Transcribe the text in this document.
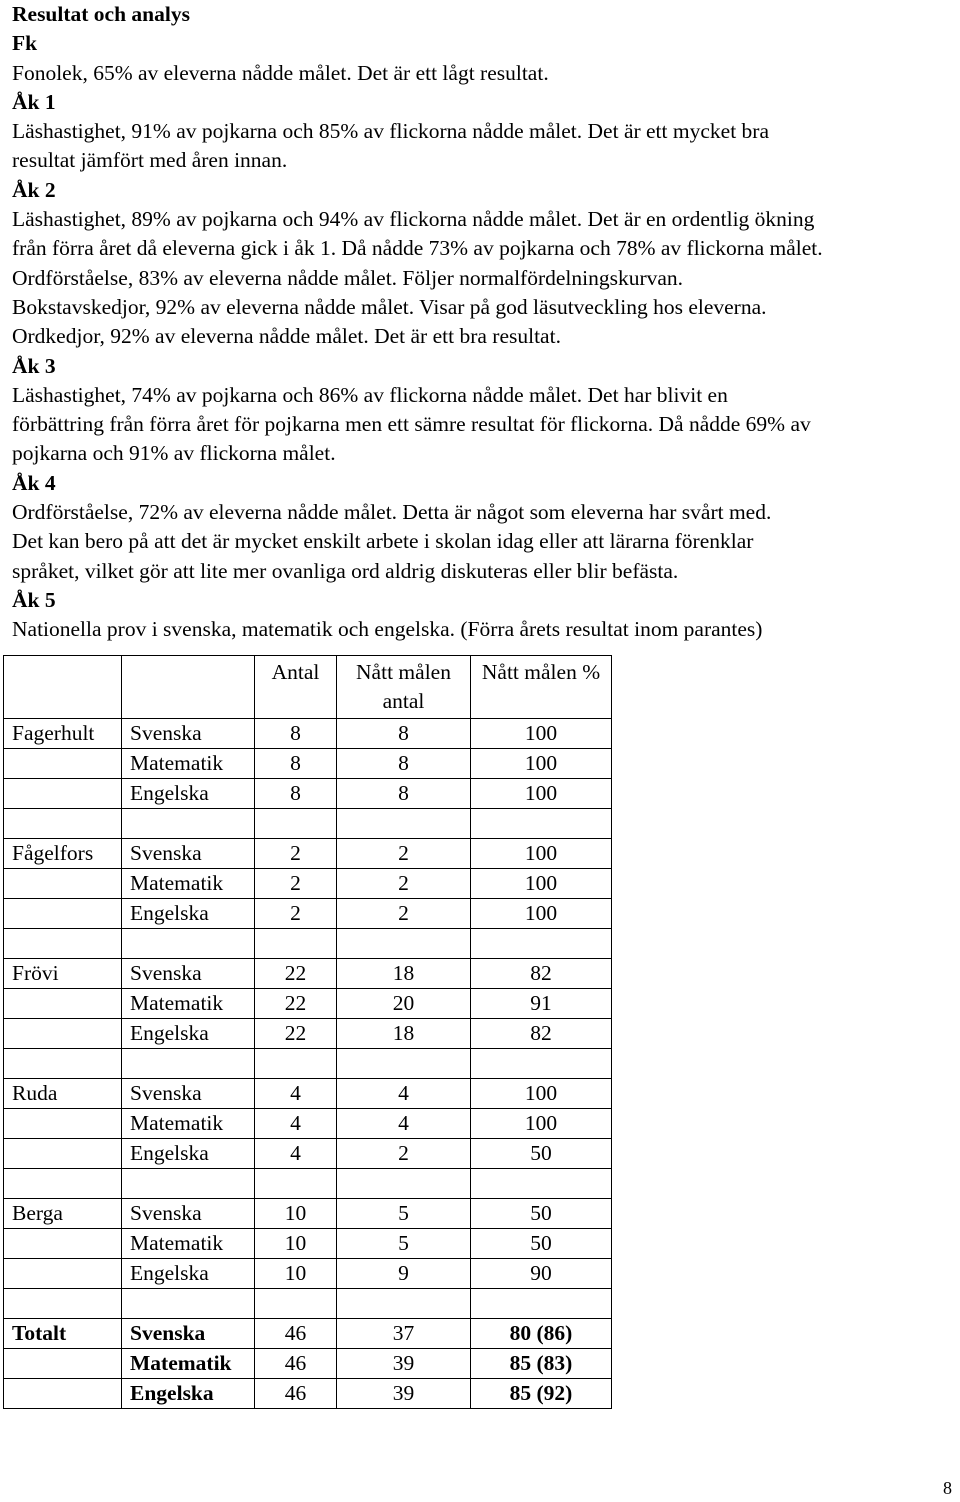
Resultat och analys
Fk
Fonolek, 65% av eleverna nådde målet. Det är ett lågt resultat.
Åk 1
Läshastighet, 91% av pojkarna och 85% av flickorna nådde målet. Det är ett mycket bra
resultat jämfört med åren innan.
Åk 2
Läshastighet, 89% av pojkarna och 94% av flickorna nådde målet. Det är en ordentlig ökning
från förra året då eleverna gick i åk 1. Då nådde 73% av pojkarna och 78% av flickorna målet.
Ordförståelse, 83% av eleverna nådde målet. Följer normalfördelningskurvan.
Bokstavskedjor, 92% av eleverna nådde målet. Visar på god läsutveckling hos eleverna.
Ordkedjor, 92% av eleverna nådde målet. Det är ett bra resultat.
Åk 3
Läshastighet, 74% av pojkarna och 86% av flickorna nådde målet. Det har blivit en
förbättring från förra året för pojkarna men ett sämre resultat för flickorna. Då nådde 69% av
pojkarna och 91% av flickorna målet.
Åk 4
Ordförståelse, 72% av eleverna nådde målet. Detta är något som eleverna har svårt med.
Det kan bero på att det är mycket enskilt arbete i skolan idag eller att lärarna förenklar
språket, vilket gör att lite mer ovanliga ord aldrig diskuteras eller blir befästa.
Åk 5
Nationella prov i svenska, matematik och engelska. (Förra årets resultat inom parantes)
		Antal	Nått målen antal	Nått målen %
Fagerhult	Svenska	8	8	100
	Matematik	8	8	100
	Engelska	8	8	100

Fågelfors	Svenska	2	2	100
	Matematik	2	2	100
	Engelska	2	2	100

Frövi	Svenska	22	18	82
	Matematik	22	20	91
	Engelska	22	18	82

Ruda	Svenska	4	4	100
	Matematik	4	4	100
	Engelska	4	2	50

Berga	Svenska	10	5	50
	Matematik	10	5	50
	Engelska	10	9	90

Totalt	Svenska	46	37	80 (86)
	Matematik	46	39	85 (83)
	Engelska	46	39	85 (92)
8
